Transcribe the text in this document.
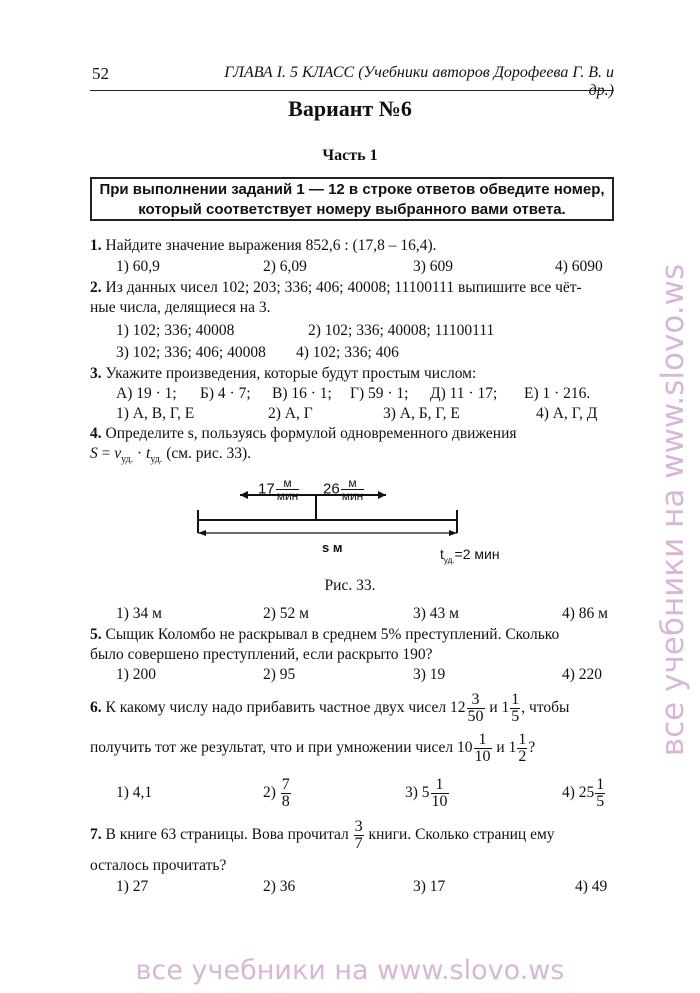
52	ГЛАВА I. 5 КЛАСС (Учебники авторов Дорофеева Г. В. и др.)
Вариант №6
Часть 1
При выполнении заданий 1 — 12 в строке ответов обведите номер,
который соответствует номеру выбранного вами ответа.
1. Найдите значение выражения 852,6 : (17,8 – 16,4).
1) 60,9	2) 6,09	3) 609	4) 6090
2. Из данных чисел 102; 203; 336; 406; 40008; 11100111 выпишите все чёт-
ные числа, делящиеся на 3.
1) 102; 336; 40008	2) 102; 336; 40008; 11100111
3) 102; 336; 406; 40008 4) 102; 336; 406
3. Укажите произведения, которые будут простым числом:
А) 19 · 1; Б) 4 · 7; В) 16 · 1; Г) 59 · 1; Д) 11 · 17; Е) 1 · 216.
1) А, В, Г, Е	2) А, Г	3) А, Б, Г, Е	4) А, Г, Д
4. Определите s, пользуясь формулой одновременного движения
$S = v_{уд.} \cdot t_{уд.}$ (см. рис. 33).
$17 \frac{м}{\text{мин}} 26 \frac{м}{\text{мин}}$
s м	$t_{уд.}=2$ мин
Рис. 33.
1) 34 м	2) 52 м	3) 43 м	4) 86 м
5. Сыщик Коломбо не раскрывал в среднем 5% преступлений. Сколько
было совершено преступлений, если раскрыто 190?
1) 200	2) 95	3) 19	4) 220
6. К какому числу надо прибавить частное двух чисел $12 \frac{3}{50}$ и $1 \frac{1}{5}$ , чтобы
получить тот же результат, что и при умножении чисел $10 \frac{1}{10}$ и $1 \frac{1}{2}$ ?
1) 4,1	$2) \frac{7}{8}$	3) $5 \frac{1}{10}$	4) $25 \frac{1}{5}$
7. В книге 63 страницы. Вова прочитал $\frac{3}{7}$ книги. Сколько страниц ему
осталось прочитать?
1) 27	2) 36	3) 17	4) 49
все учебники на www.slovo.ws
все учебники на www.slovo.ws
